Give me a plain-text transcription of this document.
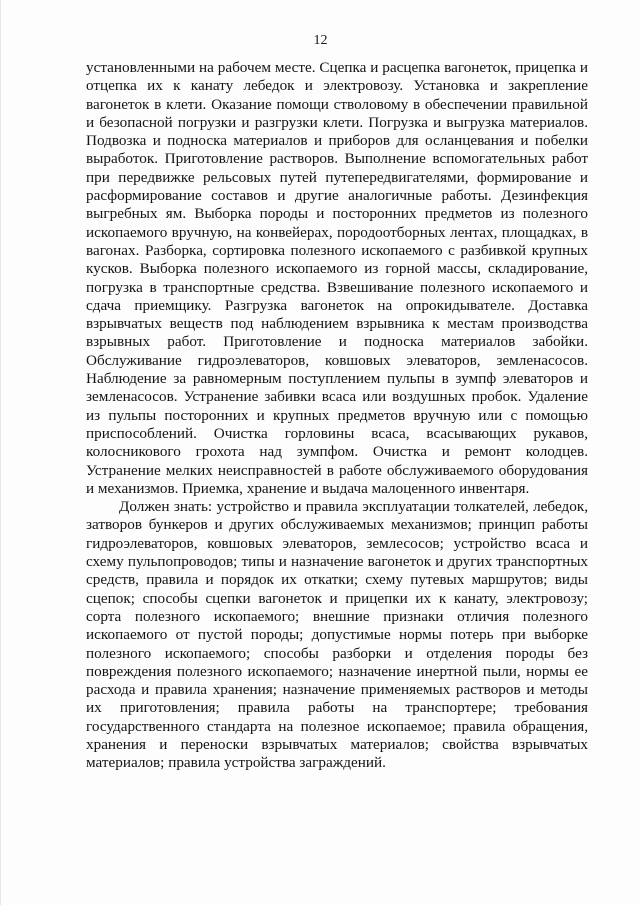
12

установленными на рабочем месте. Сцепка и расцепка вагонеток, прицепка и отцепка их к канату лебедок и электровозу. Установка и закрепление вагонеток в клети. Оказание помощи стволовому в обеспечении правильной и безопасной погрузки и разгрузки клети. Погрузка и выгрузка материалов. Подвозка и подноска материалов и приборов для осланцевания и побелки выработок. Приготовление растворов. Выполнение вспомогательных работ при передвижке рельсовых путей путепередвигателями, формирование и расформирование составов и другие аналогичные работы. Дезинфекция выгребных ям. Выборка породы и посторонних предметов из полезного ископаемого вручную, на конвейерах, породоотборных лентах, площадках, в вагонах. Разборка, сортировка полезного ископаемого с разбивкой крупных кусков. Выборка полезного ископаемого из горной массы, складирование, погрузка в транспортные средства. Взвешивание полезного ископаемого и сдача приемщику. Разгрузка вагонеток на опрокидывателе. Доставка взрывчатых веществ под наблюдением взрывника к местам производства взрывных работ. Приготовление и подноска материалов забойки. Обслуживание гидроэлеваторов, ковшовых элеваторов, земленасосов. Наблюдение за равномерным поступлением пульпы в зумпф элеваторов и земленасосов. Устранение забивки всаса или воздушных пробок. Удаление из пульпы посторонних и крупных предметов вручную или с помощью приспособлений. Очистка горловины всаса, всасывающих рукавов, колосникового грохота над зумпфом. Очистка и ремонт колодцев. Устранение мелких неисправностей в работе обслуживаемого оборудования и механизмов. Приемка, хранение и выдача малоценного инвентаря.

Должен знать: устройство и правила эксплуатации толкателей, лебедок, затворов бункеров и других обслуживаемых механизмов; принцип работы гидроэлеваторов, ковшовых элеваторов, землесосов; устройство всаса и схему пульпопроводов; типы и назначение вагонеток и других транспортных средств, правила и порядок их откатки; схему путевых маршрутов; виды сцепок; способы сцепки вагонеток и прицепки их к канату, электровозу; сорта полезного ископаемого; внешние признаки отличия полезного ископаемого от пустой породы; допустимые нормы потерь при выборке полезного ископаемого; способы разборки и отделения породы без повреждения полезного ископаемого; назначение инертной пыли, нормы ее расхода и правила хранения; назначение применяемых растворов и методы их приготовления; правила работы на транспортере; требования государственного стандарта на полезное ископаемое; правила обращения, хранения и переноски взрывчатых материалов; свойства взрывчатых материалов; правила устройства заграждений.
